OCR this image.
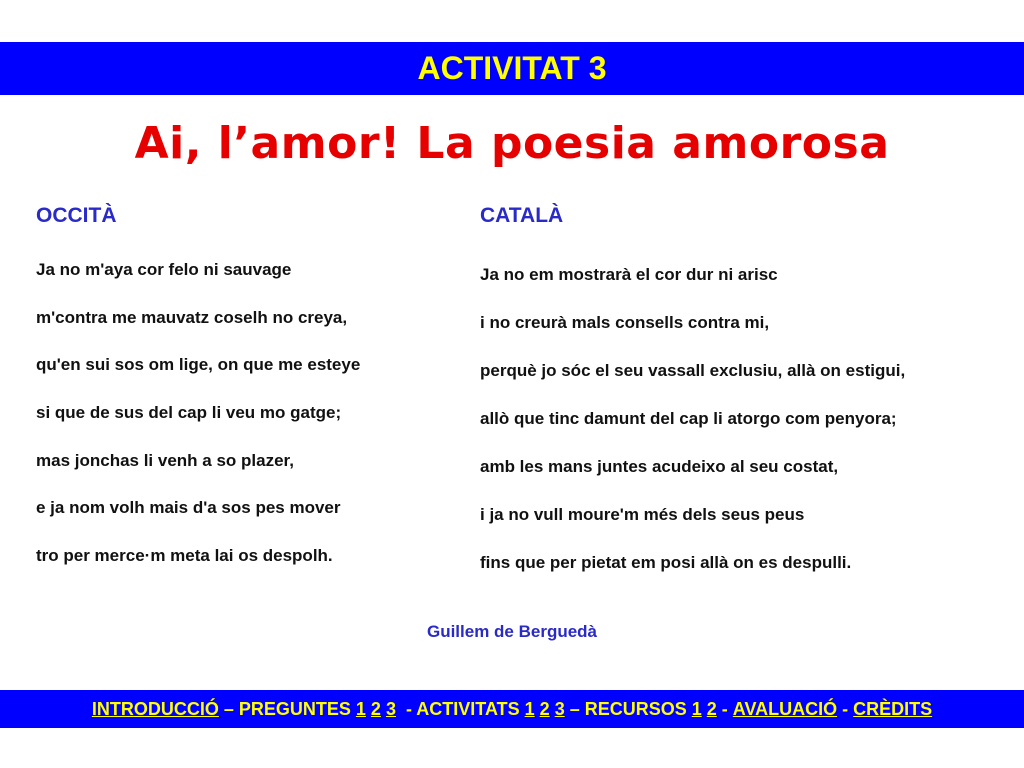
ACTIVITAT 3
Ai, l’amor! La poesia amorosa
OCCITÀ
Ja no m'aya cor felo ni sauvage
m'contra me mauvatz coselh no creya,
qu'en sui sos om lige, on que me esteye
si que de sus del cap li veu mo gatge;
mas jonchas li venh a so plazer,
e ja nom volh mais d'a sos pes mover
tro per merce·m meta lai os despolh.
CATALÀ
Ja no em mostrarà el cor dur ni arisc
i no creurà mals consells contra mi,
perquè jo sóc el seu vassall exclusiu, allà on estigui,
allò que tinc damunt del cap li atorgo com penyora;
amb les mans juntes acudeixo al seu costat,
i ja no vull moure'm més dels seus peus
fins que per pietat em posi allà on es despulli.
Guillem de Berguedà
INTRODUCCIÓ – PREGUNTES 1
2
3 - ACTIVITATS 1
2
3 – RECURSOS 1
2 - AVALUACIÓ - CRÈDITS
